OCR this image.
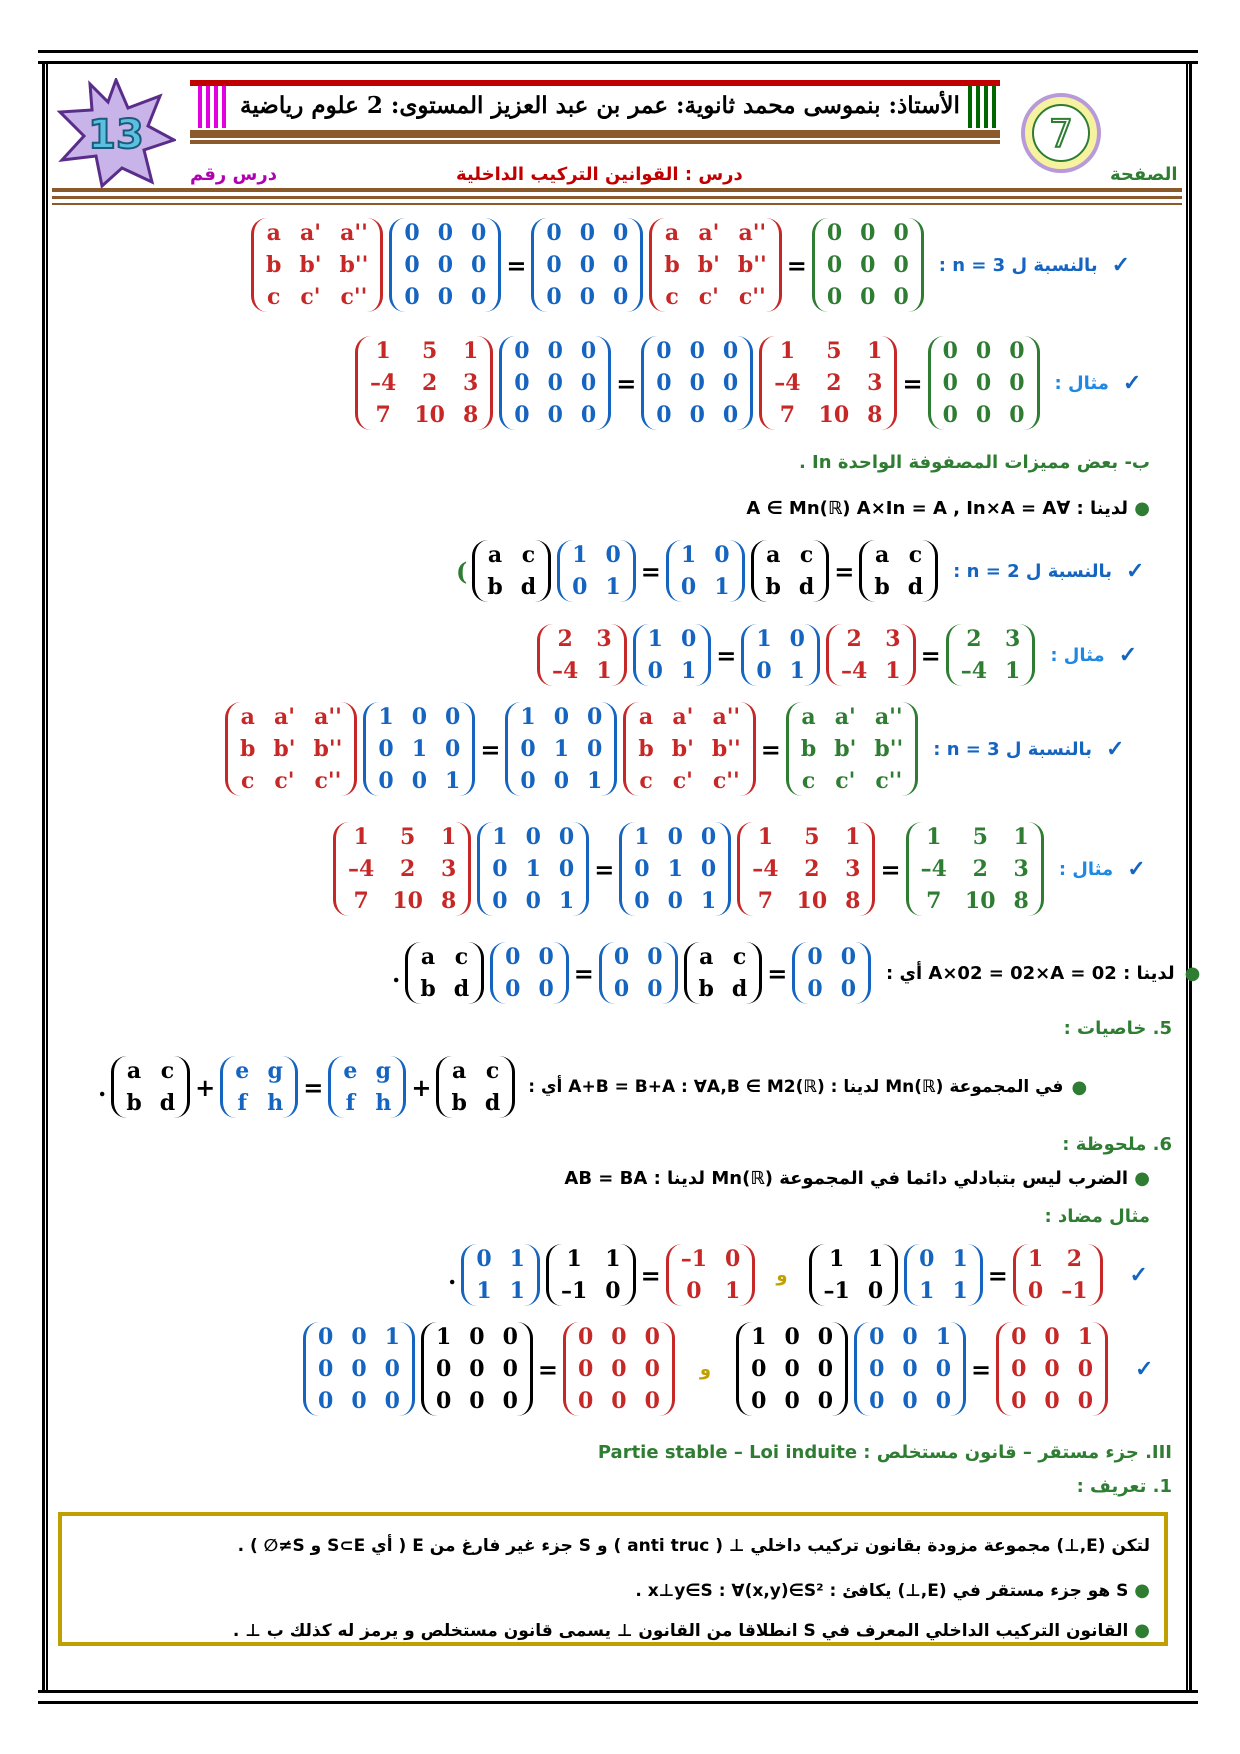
الأستاذ: بنموسى محمد ثانوية: عمر بن عبد العزيز المستوى: 2 علوم رياضية
13	7
الصفحة
درس : القوانين التركيب الداخلية
درس رقم
a a' a''
b b' b''
c c' c''
0 0 0
0 0 0
0 0 0
=
0 0 0
0 0 0
0 0 0
a a' a''
b b' b''
c c' c''
=
0 0 0
0 0 0
0 0 0
بالنسبة ل n = 3 : ✓
1	5	1
–4	2	3
7 10 8
0 0 0
0 0 0
0 0 0
=
0 0 0
0 0 0
0 0 0
1	5	1
–4	2	3
7 10 8
=
0 0 0
0 0 0
0 0 0
مثال : ✓
ب- بعض مميزات المصفوفة الواحدة In .
● لدينا : ∀A ∈ Mn(ℝ) A×In = A , In×A = A
(
a c
b d
1 0
0 1
=
1 0
0 1
a c
b d
=
a c
b d
بالنسبة ل n = 2 : ✓
2 3
–4 1
1 0
0 1
=
1 0
0 1
2 3
–4 1
=
2 3
–4 1
مثال : ✓
a a' a''
b b' b''
c c' c''
1 0 0
0 1 0
0 0 1
=
1 0 0
0 1 0
0 0 1
a a' a''
b b' b''
c c' c''
=
a a' a''
b b' b''
c c' c''
بالنسبة ل n = 3 : ✓
1	5	1
–4	2	3
7 10 8
1 0 0
0 1 0
0 0 1
=
1 0 0
0 1 0
0 0 1
1	5	1
–4	2	3
7 10 8
=
1	5	1
–4	2	3
7 10 8
مثال : ✓
.
a c
b d
0 0
0 0
=
0 0
0 0
a c
b d
=
0 0
0 0
لدينا : A×02 = 02×A = 02 أي : ●
5. خاصيات :
.
a c
b d
+
e g
f h
=
e g
f h
+
a c
b d
في المجموعة Mn(ℝ) لدينا : A+B = B+A : ∀A,B ∈ M2(ℝ) أي : ●
6. ملحوظة :
● الضرب ليس بتبادلي دائما في المجموعة Mn(ℝ) لدينا : AB = BA
مثال مضاد :
.
0 1
1 1
1 1
–1 0
=
–1 0
0 1
و
1 1
–1 0
0 1
1 1
=
1 2
0 –1
✓
0 0 1
0 0 0
0 0 0
1 0 0
0 0 0
0 0 0
=
0 0 0
0 0 0
0 0 0
و
1 0 0
0 0 0
0 0 0
0 0 1
0 0 0
0 0 0
=
0 0 1
0 0 0
0 0 0
✓
III. جزء مستقر – قانون مستخلص : Partie stable – Loi induite
1. تعريف :
لتكن (E,⊥) مجموعة مزودة بقانون تركيب داخلي ⊥ ( anti truc ) و S جزء غير فارغ من E ( أي S⊂E و S≠∅ ) .
● S هو جزء مستقر في (E,⊥) يكافئ : x⊥y∈S : ∀(x,y)∈S² .
● القانون التركيب الداخلي المعرف في S انطلاقا من القانون ⊥ يسمى قانون مستخلص و يرمز له كذلك ب ⊥ .
